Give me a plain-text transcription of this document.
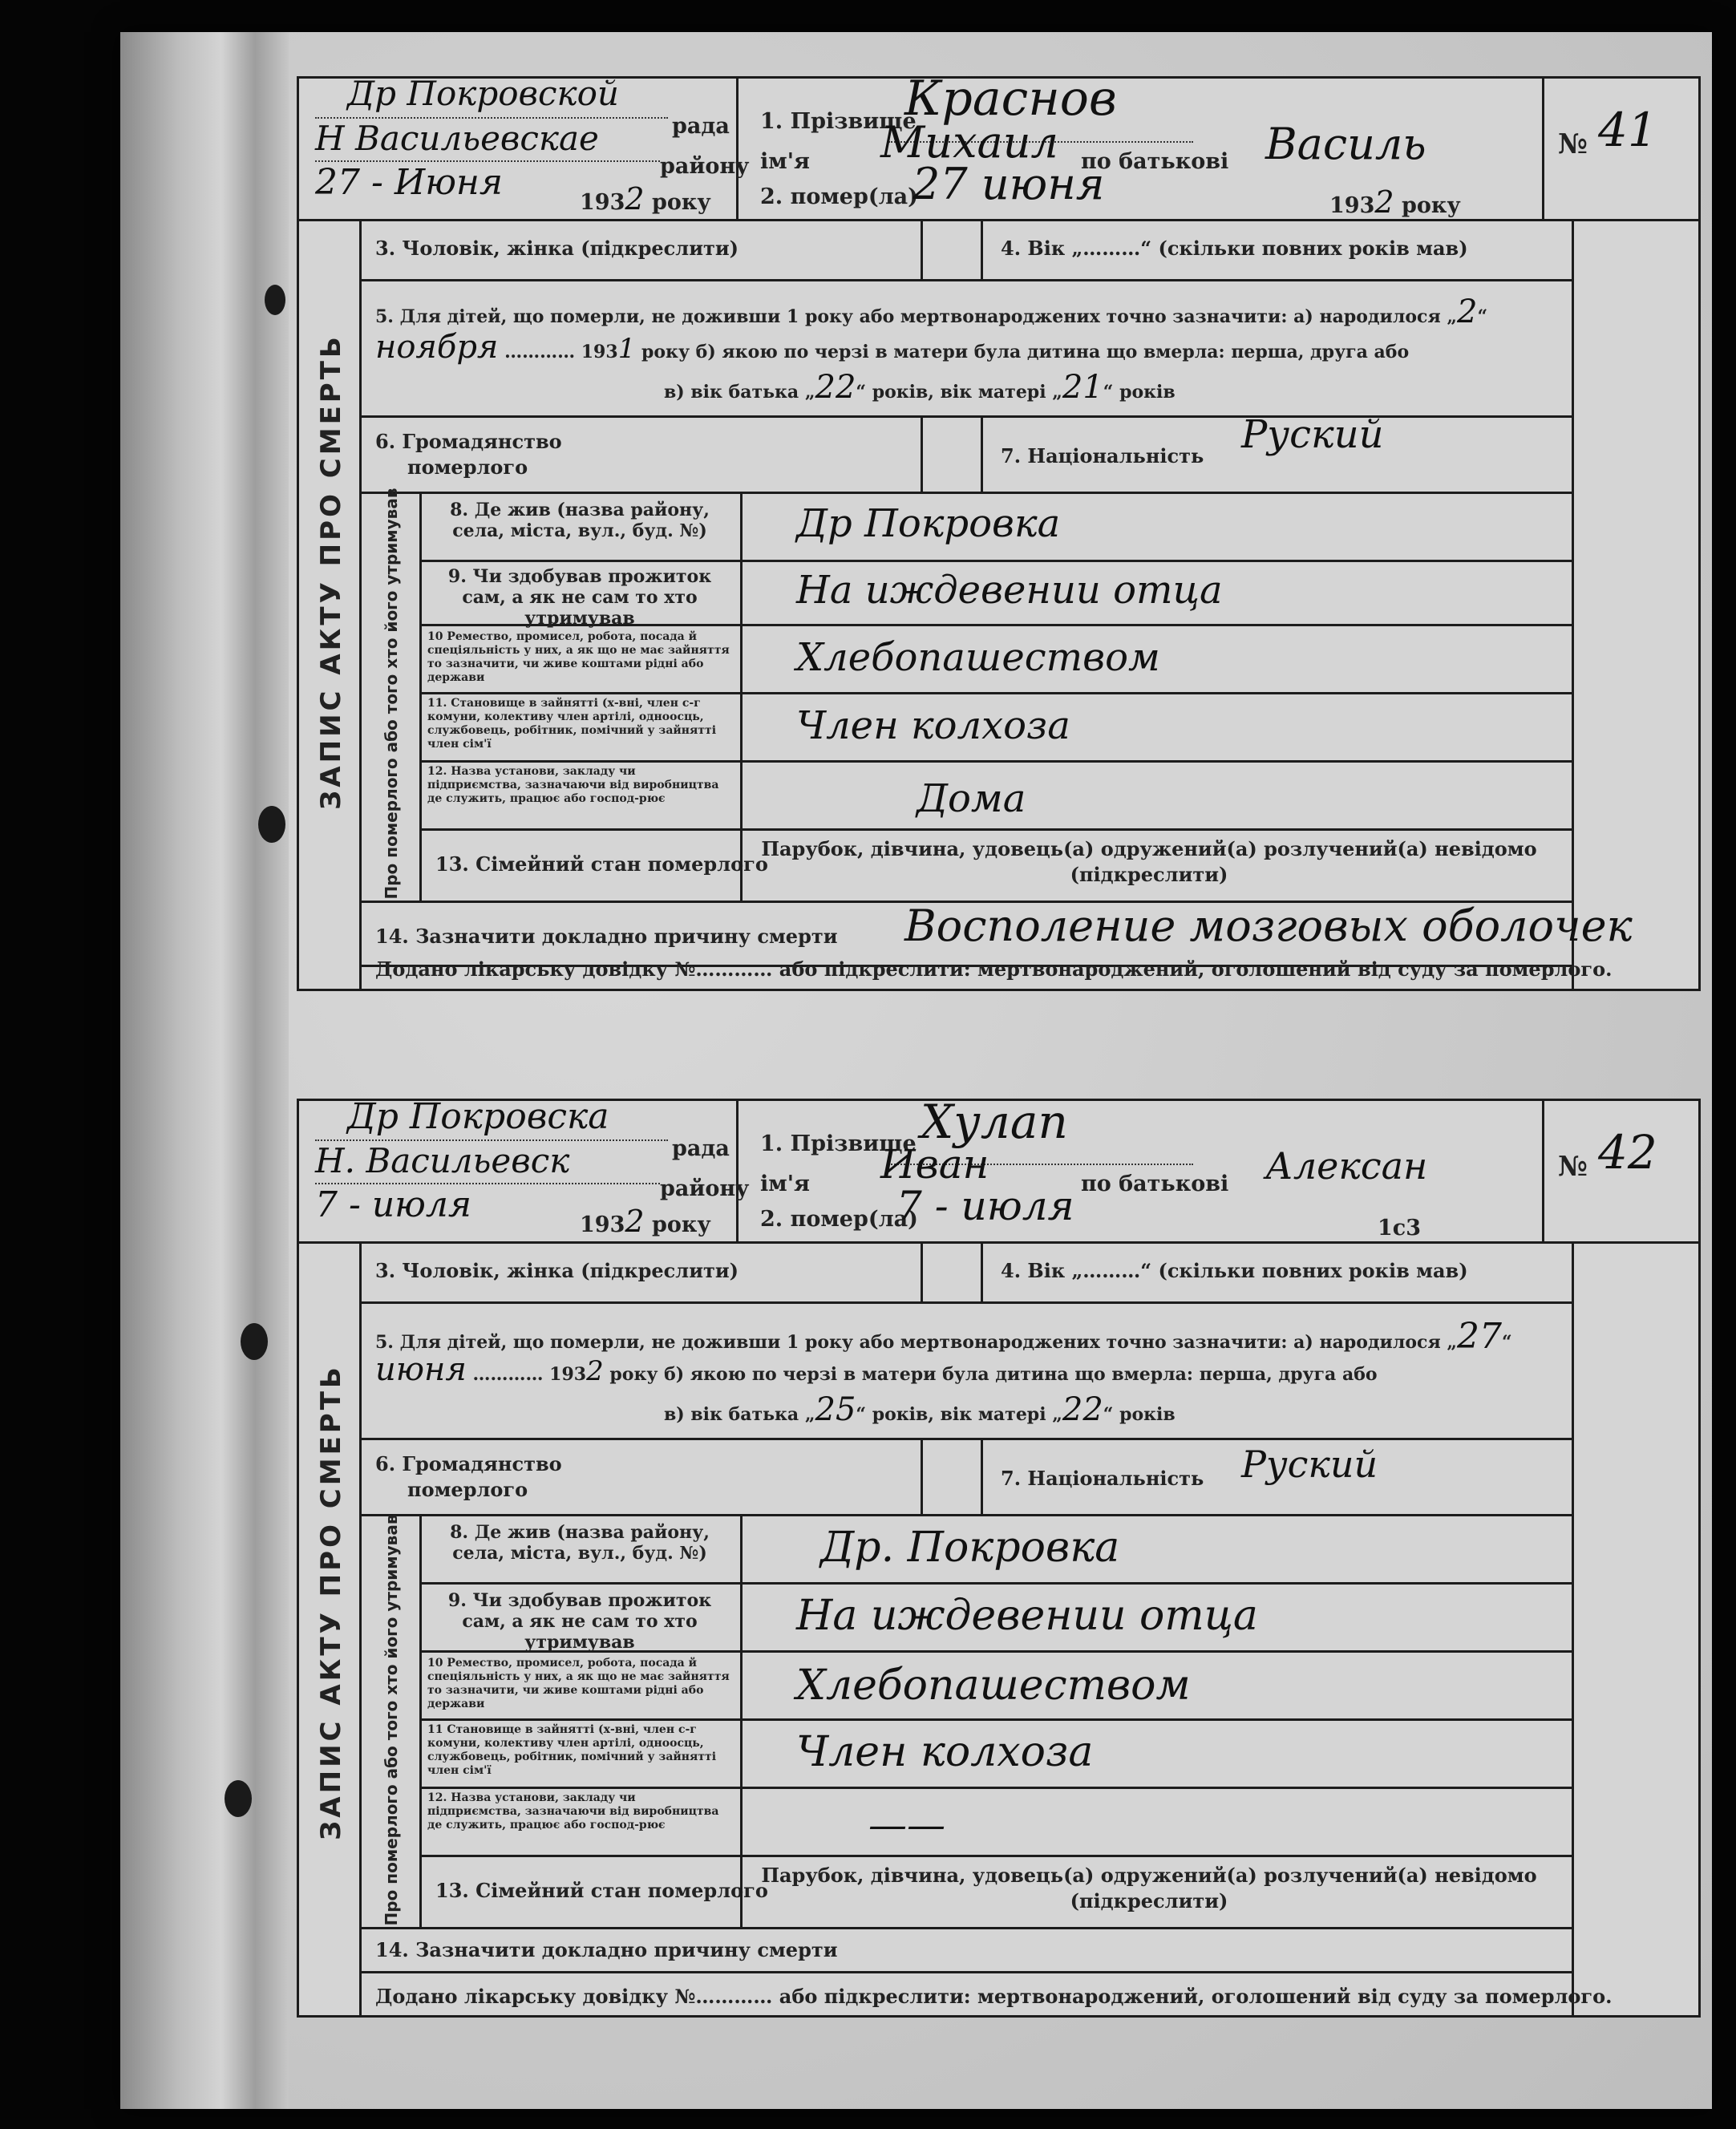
Др Покровской
рада
Н Васильевскае
району
27 - Июня	1932 року
1. Прізвище
Краснов
ім'я Михаил по батькові Василь
2. помер(ла)
27 июня	1932 року
№ 41
ЗАПИС АКТУ ПРО СМЕРТЬ
3. Чоловік, жінка (підкреслити)	4. Вік „………“ (скільки повних років мав)
5. Для дітей, що померли, не доживши 1 року або мертвонароджених точно зазначити: а) народилося „2“
ноября ………… 1931 року б) якою по черзі в матери була дитина що вмерла: перша, друга або
в) вік батька „22“ років, вік матері „21“ років
6. Громадянство
померлого	7. Національність Руский
Про померлого або того хто його утримував	8. Де жив (назва району, села, міста, вул., буд. №)	Др Покровка
9. Чи здобував прожиток сам, а як не сам то хто утримував
На иждевении отца
10 Ремество, промисел, робота, посада й спеціяльність у них, а як що не має зайняття то зазначити, чи живе коштами рідні або держави	Хлебопашеством
11. Становище в зайнятті (х-вні, член с-г комуни, колективу член артілі, одноосць, службовець, робітник, помічний у зайнятті член сім'ї	Член колхоза
12. Назва установи, закладу чи підприємства, зазначаючи від виробництва де служить, працює або господ-рює	Дома
13. Сімейний стан померлого
Парубок, дівчина, удовець(а) одружений(а) розлучений(а) невідомо (підкреслити)
14. Зазначити докладно причину смерти Восполение мозговых оболочек
Додано лікарську довідку №………… або підкреслити: мертвонароджений, оголошений від суду за померлого.
Др Покровска
рада
Н. Васильевск
району
7 - июля	1932 року
1. Прізвище Хулап
ім'я Иван	по батькові Алексан
2. помер(ла)
7 - июля	1с3
№ 42
ЗАПИС АКТУ ПРО СМЕРТЬ
3. Чоловік, жінка (підкреслити)	4. Вік „………“ (скільки повних років мав)
5. Для дітей, що померли, не доживши 1 року або мертвонароджених точно зазначити: а) народилося „27“
июня ………… 1932 року б) якою по черзі в матери була дитина що вмерла: перша, друга або
в) вік батька „25“ років, вік матері „22“ років
6. Громадянство
померлого	7. Національність Руский
Про померлого або того хто його утримував	8. Де жив (назва району, села, міста, вул., буд. №)	Др. Покровка
9. Чи здобував прожиток сам, а як не сам то хто утримував
На иждевении отца
10 Ремество, промисел, робота, посада й спеціяльність у них, а як що не має зайняття то зазначити, чи живе коштами рідні або держави	Хлебопашеством
11 Становище в зайнятті (х-вні, член с-г комуни, колективу член артілі, одноосць, службовець, робітник, помічний у зайнятті член сім'ї	Член колхоза
12. Назва установи, закладу чи підприємства, зазначаючи від виробництва де служить, працює або господ-рює	——
13. Сімейний стан померлого
Парубок, дівчина, удовець(а) одружений(а) розлучений(а) невідомо (підкреслити)
14. Зазначити докладно причину смерти
Додано лікарську довідку №………… або підкреслити: мертвонароджений, оголошений від суду за померлого.
